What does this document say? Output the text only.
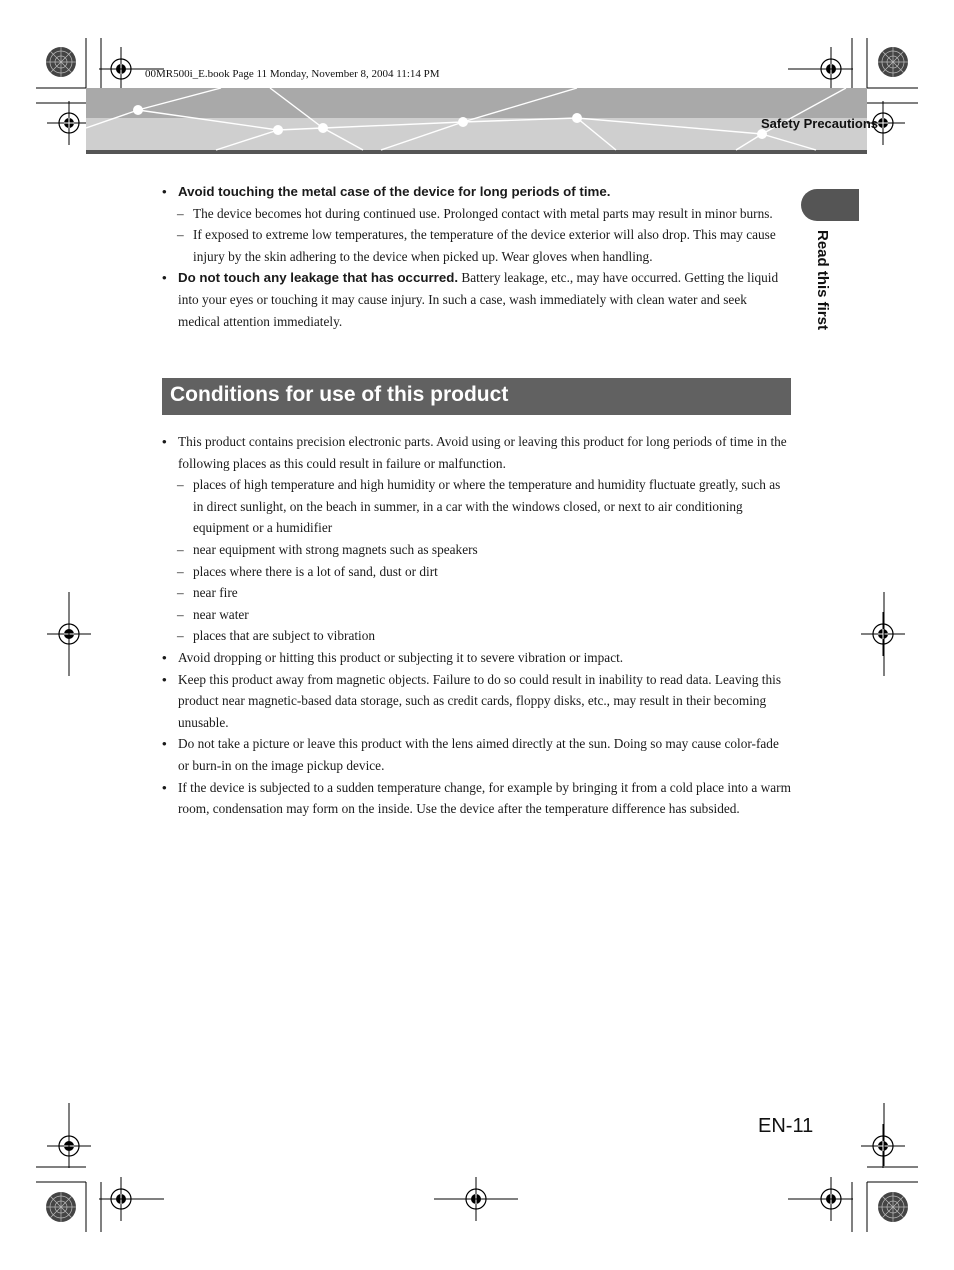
00MR500i_E.book Page 11 Monday, November 8, 2004 11:14 PM
Safety Precautions
Read this first
• Avoid touching the metal case of the device for long periods of time.
– The device becomes hot during continued use. Prolonged contact with metal parts may result in minor burns.
– If exposed to extreme low temperatures, the temperature of the device exterior will also drop. This may cause injury by the skin adhering to the device when picked up. Wear gloves when handling.
• Do not touch any leakage that has occurred. Battery leakage, etc., may have occurred. Getting the liquid into your eyes or touching it may cause injury. In such a case, wash immediately with clean water and seek medical attention immediately.
Conditions for use of this product
• This product contains precision electronic parts. Avoid using or leaving this product for long periods of time in the following places as this could result in failure or malfunction.
– places of high temperature and high humidity or where the temperature and humidity fluctuate greatly, such as in direct sunlight, on the beach in summer, in a car with the windows closed, or next to air conditioning equipment or a humidifier
– near equipment with strong magnets such as speakers
– places where there is a lot of sand, dust or dirt
– near fire
– near water
– places that are subject to vibration
• Avoid dropping or hitting this product or subjecting it to severe vibration or impact.
• Keep this product away from magnetic objects. Failure to do so could result in inability to read data. Leaving this product near magnetic-based data storage, such as credit cards, floppy disks, etc., may result in their becoming unusable.
• Do not take a picture or leave this product with the lens aimed directly at the sun. Doing so may cause color-fade or burn-in on the image pickup device.
• If the device is subjected to a sudden temperature change, for example by bringing it from a cold place into a warm room, condensation may form on the inside. Use the device after the temperature difference has subsided.
EN-11
